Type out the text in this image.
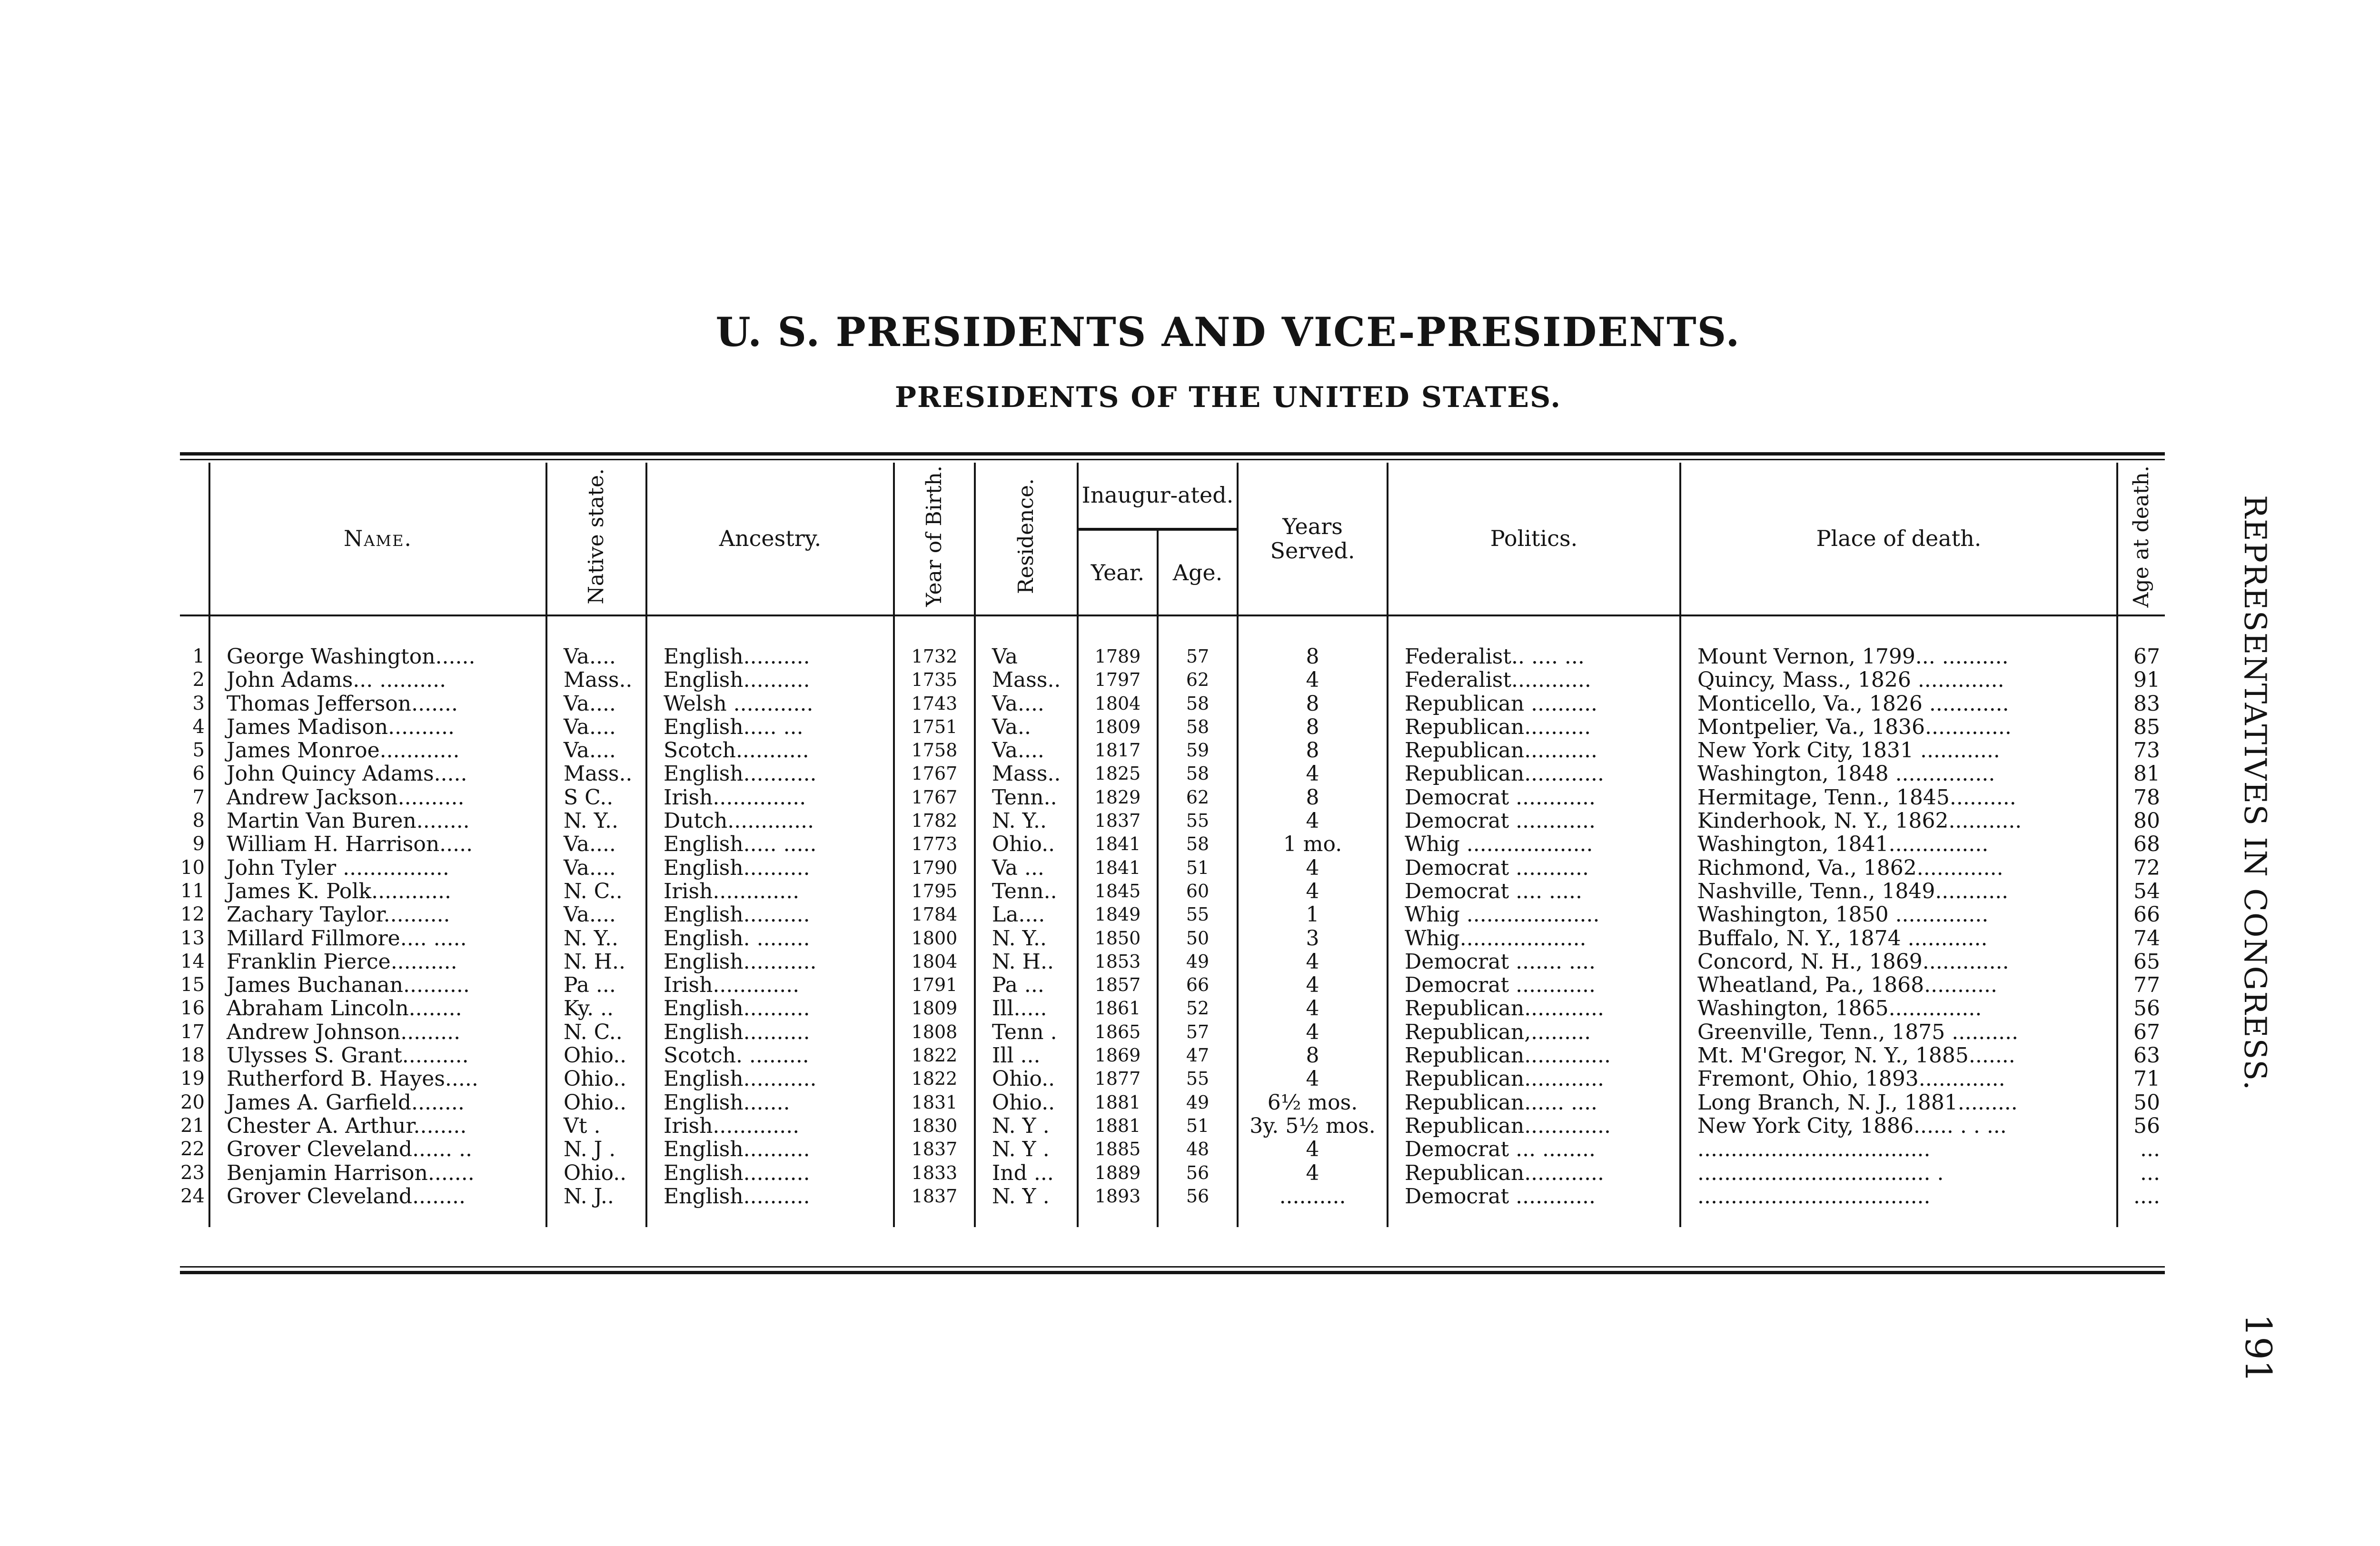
U. S. PRESIDENTS AND VICE-PRESIDENTS.
PRESIDENTS OF THE UNITED STATES.
REPRESENTATIVES IN CONGRESS.
191
	Name.	Native state.	Ancestry.	Year of Birth.	Residence.	Inaugur-ated.		Years Served.	Politics.	Place of death.	Age at death.
						Year.	Age.				
1	George Washington......	Va....	English..........	1732	Va	1789	57	8	Federalist.. .... ...	Mount Vernon, 1799... ..........	67
2	John Adams... ..........	Mass..	English..........	1735	Mass..	1797	62	4	Federalist............	Quincy, Mass., 1826 .............	91
3	Thomas Jefferson.......	Va....	Welsh ............	1743	Va....	1804	58	8	Republican ..........	Monticello, Va., 1826 ............	83
4	James Madison..........	Va....	English..... ...	1751	Va..	1809	58	8	Republican..........	Montpelier, Va., 1836.............	85
5	James Monroe............	Va....	Scotch...........	1758	Va....	1817	59	8	Republican...........	New York City, 1831 ............	73
6	John Quincy Adams.....	Mass..	English...........	1767	Mass..	1825	58	4	Republican............	Washington, 1848 ...............	81
7	Andrew Jackson..........	S C..	Irish..............	1767	Tenn..	1829	62	8	Democrat ............	Hermitage, Tenn., 1845..........	78
8	Martin Van Buren........	N. Y..	Dutch.............	1782	N. Y..	1837	55	4	Democrat ............	Kinderhook, N. Y., 1862...........	80
9	William H. Harrison.....	Va....	English..... .....	1773	Ohio..	1841	58	1 mo.	Whig ...................	Washington, 1841...............	68
10	John Tyler ................	Va....	English..........	1790	Va ...	1841	51	4	Democrat ...........	Richmond, Va., 1862.............	72
11	James K. Polk............	N. C..	Irish.............	1795	Tenn..	1845	60	4	Democrat .... .....	Nashville, Tenn., 1849...........	54
12	Zachary Taylor..........	Va....	English..........	1784	La....	1849	55	1	Whig ....................	Washington, 1850 ..............	66
13	Millard Fillmore.... .....	N. Y..	English. ........	1800	N. Y..	1850	50	3	Whig...................	Buffalo, N. Y., 1874 ............	74
14	Franklin Pierce..........	N. H..	English...........	1804	N. H..	1853	49	4	Democrat ....... ....	Concord, N. H., 1869.............	65
15	James Buchanan..........	Pa ...	Irish.............	1791	Pa ...	1857	66	4	Democrat ............	Wheatland, Pa., 1868...........	77
16	Abraham Lincoln........	Ky. ..	English..........	1809	Ill.....	1861	52	4	Republican............	Washington, 1865..............	56
17	Andrew Johnson.........	N. C..	English..........	1808	Tenn .	1865	57	4	Republican,.........	Greenville, Tenn., 1875 ..........	67
18	Ulysses S. Grant..........	Ohio..	Scotch. .........	1822	Ill ...	1869	47	8	Republican.............	Mt. M'Gregor, N. Y., 1885.......	63
19	Rutherford B. Hayes.....	Ohio..	English...........	1822	Ohio..	1877	55	4	Republican............	Fremont, Ohio, 1893.............	71
20	James A. Garfield........	Ohio..	English.......	1831	Ohio..	1881	49	6½ mos.	Republican...... ....	Long Branch, N. J., 1881.........	50
21	Chester A. Arthur........	Vt .	Irish.............	1830	N. Y .	1881	51	3y. 5½ mos.	Republican.............	New York City, 1886...... . . ...	56
22	Grover Cleveland...... ..	N. J .	English..........	1837	N. Y .	1885	48	4	Democrat ... ........	...................................	...
23	Benjamin Harrison.......	Ohio..	English..........	1833	Ind ...	1889	56	4	Republican............	................................... .	...
24	Grover Cleveland........	N. J..	English..........	1837	N. Y .	1893	56	..........	Democrat ............	...................................	....
